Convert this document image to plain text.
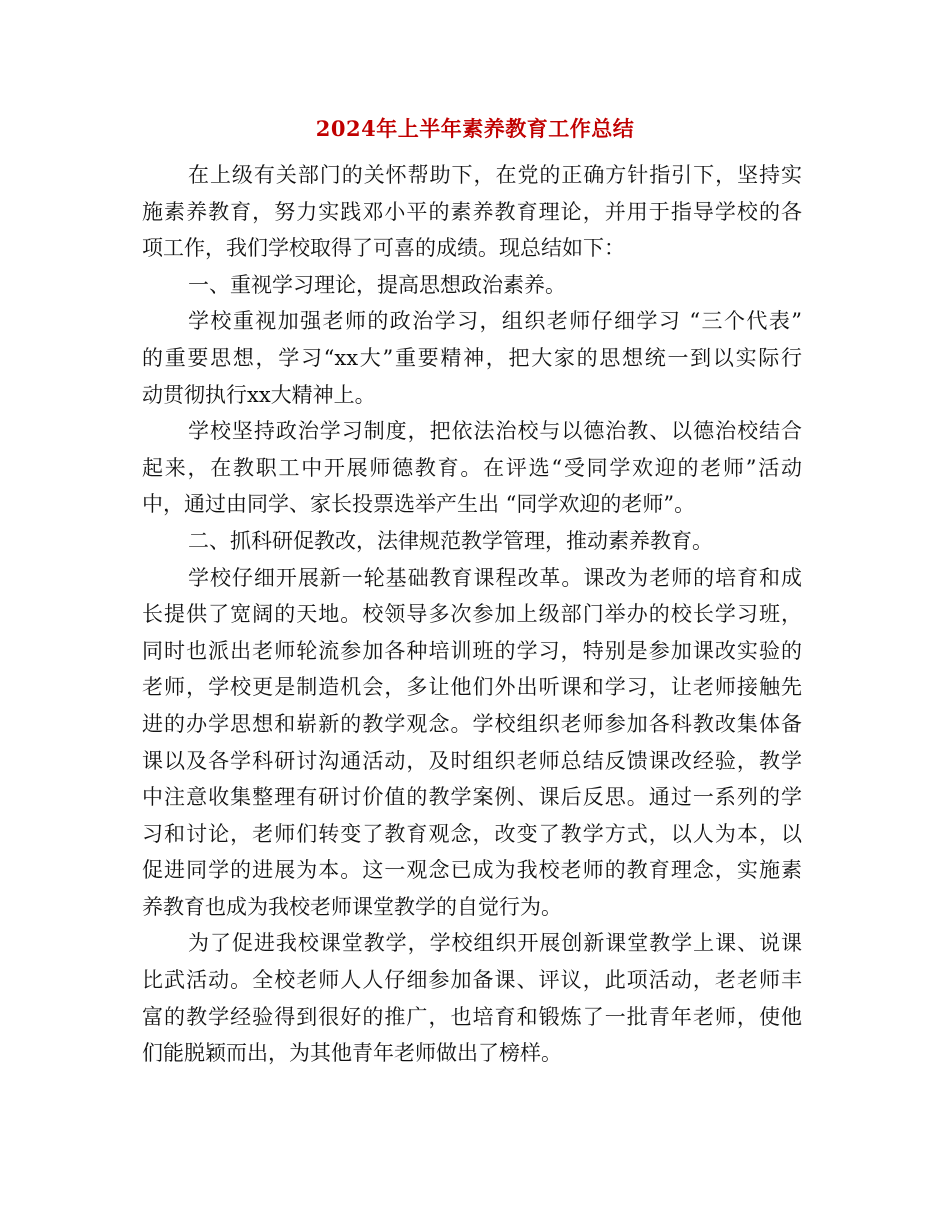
2024年上半年素养教育工作总结
在上级有关部门的关怀帮助下，在党的正确方针指引下，坚持实
施素养教育，努力实践邓小平的素养教育理论，并用于指导学校的各
项工作，我们学校取得了可喜的成绩。现总结如下：
一、重视学习理论，提高思想政治素养。
学校重视加强老师的政治学习，组织老师仔细学习 “三个代表”
的重要思想，学习“xx大”重要精神，把大家的思想统一到以实际行
动贯彻执行xx大精神上。
学校坚持政治学习制度，把依法治校与以德治教、以德治校结合
起来，在教职工中开展师德教育。在评选“受同学欢迎的老师”活动
中，通过由同学、家长投票选举产生出 “同学欢迎的老师”。
二、抓科研促教改，法律规范教学管理，推动素养教育。
学校仔细开展新一轮基础教育课程改革。课改为老师的培育和成
长提供了宽阔的天地。校领导多次参加上级部门举办的校长学习班，
同时也派出老师轮流参加各种培训班的学习，特别是参加课改实验的
老师，学校更是制造机会，多让他们外出听课和学习，让老师接触先
进的办学思想和崭新的教学观念。学校组织老师参加各科教改集体备
课以及各学科研讨沟通活动，及时组织老师总结反馈课改经验，教学
中注意收集整理有研讨价值的教学案例、课后反思。通过一系列的学
习和讨论，老师们转变了教育观念，改变了教学方式，以人为本，以
促进同学的进展为本。这一观念已成为我校老师的教育理念，实施素
养教育也成为我校老师课堂教学的自觉行为。
为了促进我校课堂教学，学校组织开展创新课堂教学上课、说课
比武活动。全校老师人人仔细参加备课、评议，此项活动，老老师丰
富的教学经验得到很好的推广，也培育和锻炼了一批青年老师，使他
们能脱颖而出，为其他青年老师做出了榜样。
